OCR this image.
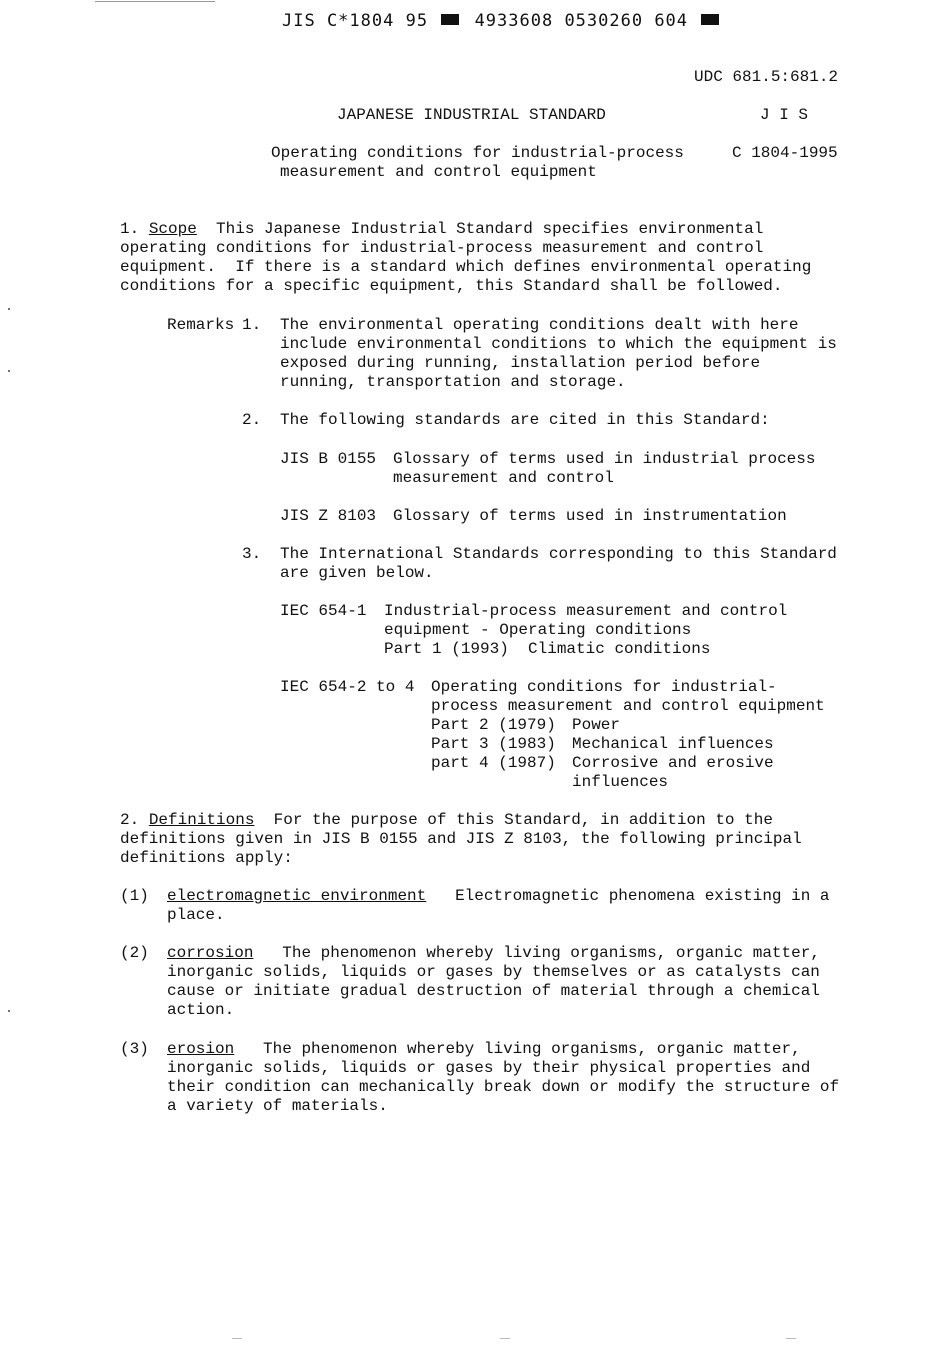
JIS C*1804 95	4933608 0530260 604
UDC 681.5:681.2
JAPANESE INDUSTRIAL STANDARD	J I S
Operating conditions for industrial-process
measurement and control equipment
C 1804-1995
1. Scope This Japanese Industrial Standard specifies environmental
operating conditions for industrial-process measurement and control
equipment.  If there is a standard which defines environmental operating
conditions for a specific equipment, this Standard shall be followed.
Remarks 1. The environmental operating conditions dealt with here
include environmental conditions to which the equipment is
exposed during running, installation period before
running, transportation and storage.
2. The following standards are cited in this Standard:
JIS B 0155 Glossary of terms used in industrial process
measurement and control
JIS Z 8103 Glossary of terms used in instrumentation
3. The International Standards corresponding to this Standard
are given below.
IEC 654-1 Industrial-process measurement and control
equipment - Operating conditions
Part 1 (1993)  Climatic conditions
IEC 654-2 to 4 Operating conditions for industrial-
process measurement and control equipment
Part 2 (1979) Power
Part 3 (1983) Mechanical influences
part 4 (1987) Corrosive and erosive
influences
2. Definitions For the purpose of this Standard, in addition to the
definitions given in JIS B 0155 and JIS Z 8103, the following principal
definitions apply:
(1) electromagnetic environment Electromagnetic phenomena existing in a
place.
(2) corrosion The phenomenon whereby living organisms, organic matter,
inorganic solids, liquids or gases by themselves or as catalysts can
cause or initiate gradual destruction of material through a chemical
action.
(3) erosion The phenomenon whereby living organisms, organic matter,
inorganic solids, liquids or gases by their physical properties and
their condition can mechanically break down or modify the structure of
a variety of materials.
